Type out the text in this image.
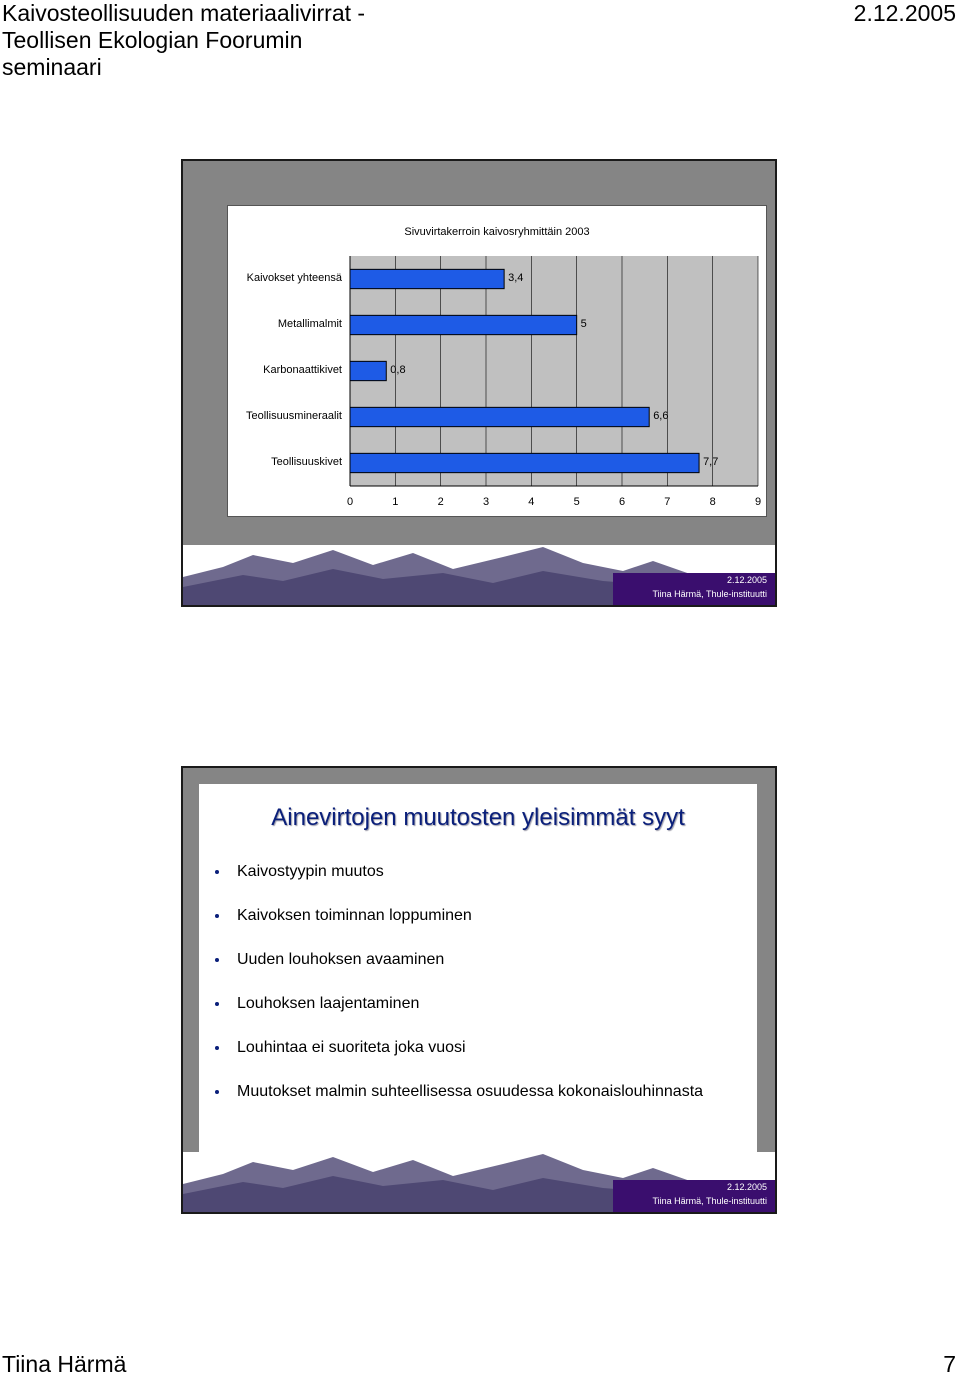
Kaivosteollisuuden materiaalivirrat -
Teollisen Ekologian Foorumin
seminaari
2.12.2005
Sivuvirtakerroin kaivosryhmittäin 2003
Kaivokset yhteensä	3,4
Metallimalmit	5
Karbonaattikivet	0,8
Teollisuusmineraalit	6,6
Teollisuuskivet	7,7
0	1	2	3	4	5	6	7	8	9
2.12.2005
Tiina Härmä, Thule-instituutti
Ainevirtojen muutosten yleisimmät syyt
Kaivostyypin muutos
Kaivoksen toiminnan loppuminen
Uuden louhoksen avaaminen
Louhoksen laajentaminen
Louhintaa ei suoriteta joka vuosi
Muutokset malmin suhteellisessa osuudessa kokonaislouhinnasta
2.12.2005
Tiina Härmä, Thule-instituutti
Tiina Härmä	7
